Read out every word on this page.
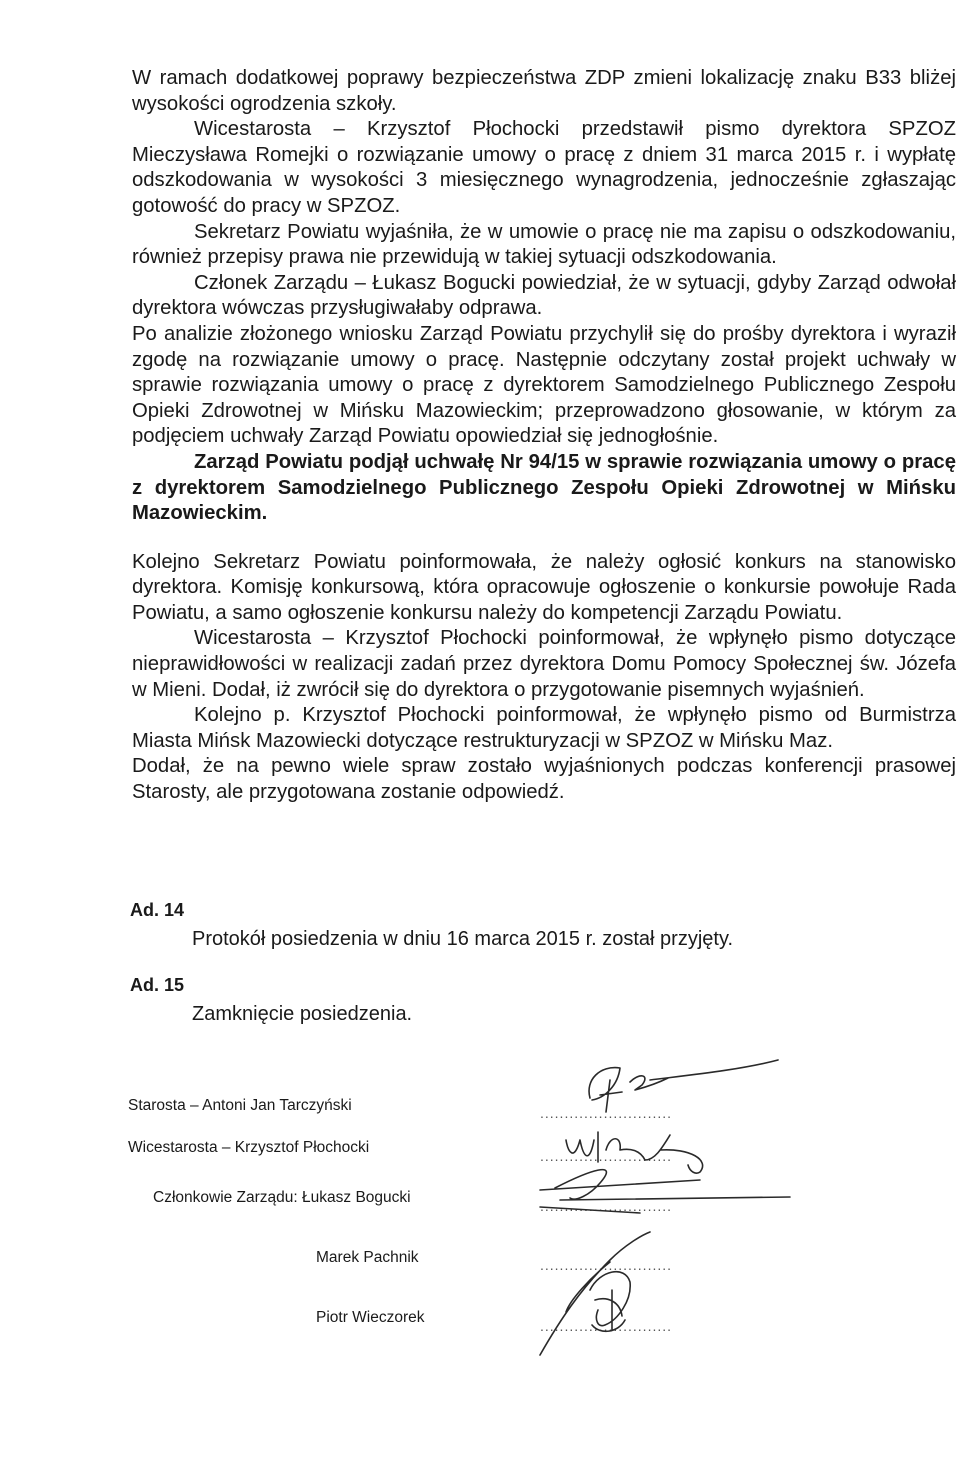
W ramach dodatkowej poprawy bezpieczeństwa ZDP zmieni lokalizację znaku B33 bliżej wysokości ogrodzenia szkoły.

Wicestarosta – Krzysztof Płochocki przedstawił pismo dyrektora SPZOZ Mieczysława Romejki o rozwiązanie umowy o pracę z dniem 31 marca 2015 r. i wypłatę odszkodowania w wysokości 3 miesięcznego wynagrodzenia, jednocześnie zgłaszając gotowość do pracy w SPZOZ.

Sekretarz Powiatu wyjaśniła, że w umowie o pracę nie ma zapisu o odszkodowaniu, również przepisy prawa nie przewidują w takiej sytuacji odszkodowania.

Członek Zarządu – Łukasz Bogucki powiedział, że w sytuacji, gdyby Zarząd odwołał dyrektora wówczas przysługiwałaby odprawa.

Po analizie złożonego wniosku Zarząd Powiatu przychylił się do prośby dyrektora i wyraził zgodę na rozwiązanie umowy o pracę. Następnie odczytany został projekt uchwały w sprawie rozwiązania umowy o pracę z dyrektorem Samodzielnego Publicznego Zespołu Opieki Zdrowotnej w Mińsku Mazowieckim; przeprowadzono głosowanie, w którym za podjęciem uchwały Zarząd Powiatu opowiedział się jednogłośnie.

Zarząd Powiatu podjął uchwałę Nr 94/15 w sprawie rozwiązania umowy o pracę z dyrektorem Samodzielnego Publicznego Zespołu Opieki Zdrowotnej w Mińsku Mazowieckim.

Kolejno Sekretarz Powiatu poinformowała, że należy ogłosić konkurs na stanowisko dyrektora. Komisję konkursową, która opracowuje ogłoszenie o konkursie powołuje Rada Powiatu, a samo ogłoszenie konkursu należy do kompetencji Zarządu Powiatu.

Wicestarosta – Krzysztof Płochocki poinformował, że wpłynęło pismo dotyczące nieprawidłowości w realizacji zadań przez dyrektora Domu Pomocy Społecznej św. Józefa w Mieni. Dodał, iż zwrócił się do dyrektora o przygotowanie pisemnych wyjaśnień.

Kolejno p. Krzysztof Płochocki poinformował, że wpłynęło pismo od Burmistrza Miasta Mińsk Mazowiecki dotyczące restrukturyzacji w SPZOZ w Mińsku Maz.

Dodał, że na pewno wiele spraw zostało wyjaśnionych podczas konferencji prasowej Starosty, ale przygotowana zostanie odpowiedź.

Ad. 14
Protokół posiedzenia w dniu 16 marca 2015 r. został przyjęty.
Ad. 15
Zamknięcie posiedzenia.
Starosta – Antoni Jan Tarczyński	...........................
Wicestarosta – Krzysztof Płochocki	...........................
Członkowie Zarządu: Łukasz Bogucki	...........................
Marek Pachnik	...........................
Piotr Wieczorek	...........................
